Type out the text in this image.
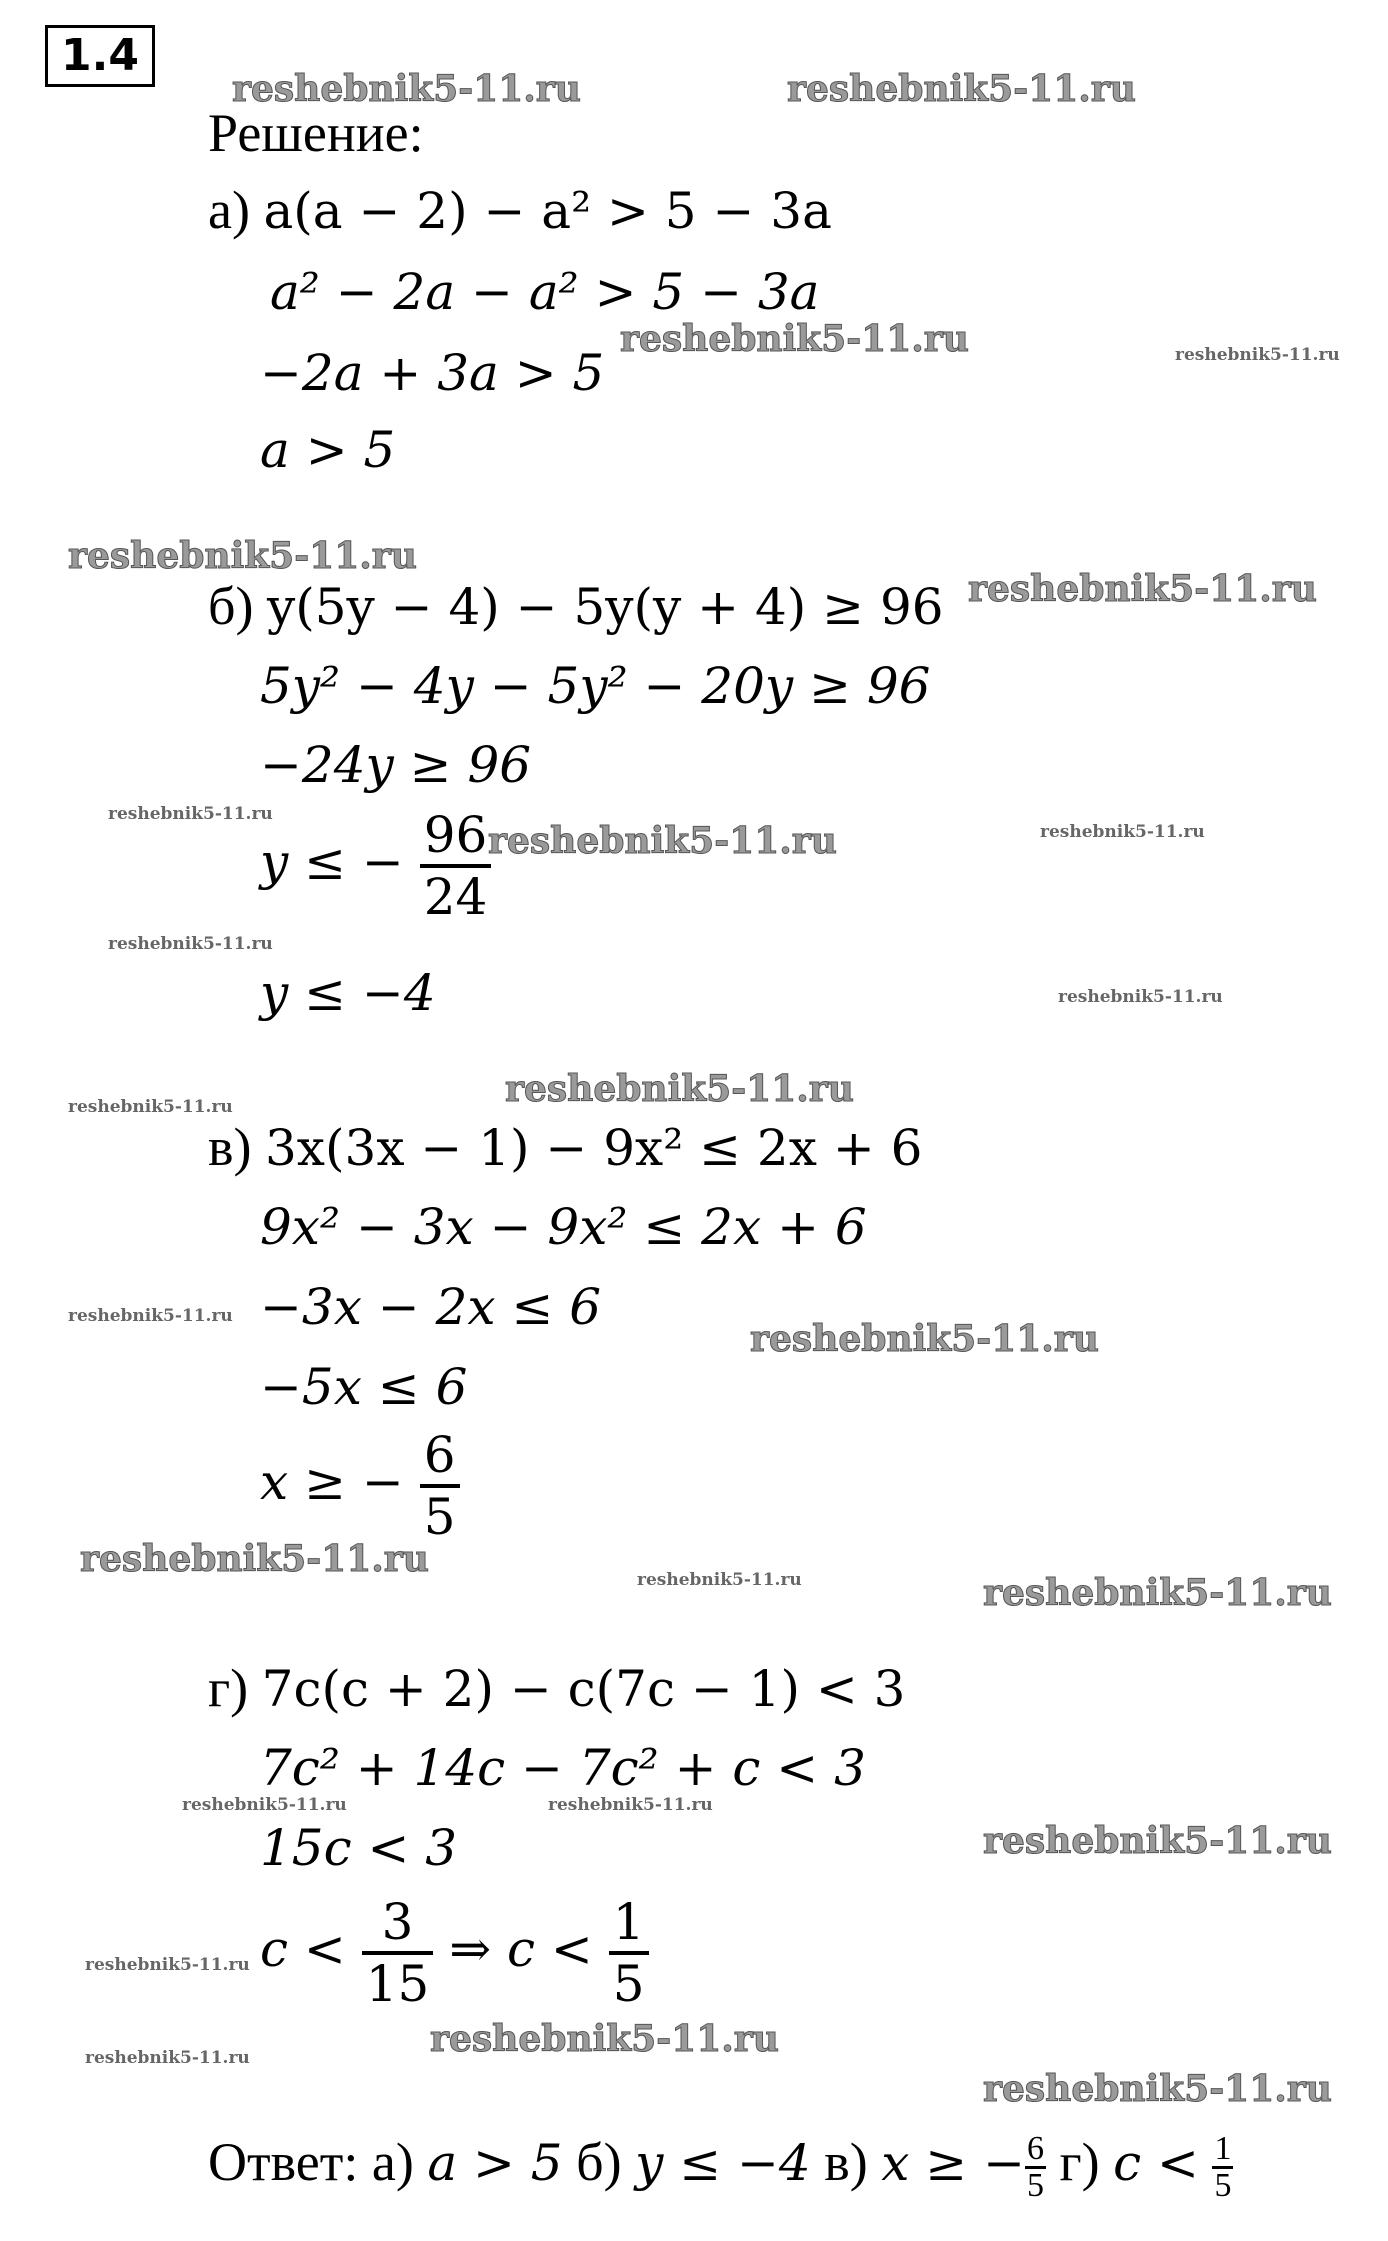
1.4
Решение:
а) a(a − 2) − a² > 5 − 3a
a² − 2a − a² > 5 − 3a
−2a + 3a > 5
a > 5
б) y(5y − 4) − 5y(y + 4) ≥ 96
5y² − 4y − 5y² − 20y ≥ 96
−24y ≥ 96
y ≤ − $\frac{96}{24}$
y ≤ −4
в) 3x(3x − 1) − 9x² ≤ 2x + 6
9x² − 3x − 9x² ≤ 2x + 6
−3x − 2x ≤ 6
−5x ≤ 6
x ≥ − $\frac{6}{5}$
г) 7c(c + 2) − c(7c − 1) < 3
7c² + 14c − 7c² + c < 3
15c < 3
$c < \frac{3}{15}$ ⇒ $c < \frac{1}{5}$
Ответ: а) a > 5 б) y ≤ −4 в) x ≥ − $\frac{6}{5} г$) $c < \frac{1}{5}$
reshebnik5-11.ru	reshebnik5-11.ru
reshebnik5-11.ru	reshebnik5-11.ru
reshebnik5-11.ru
reshebnik5-11.ru
reshebnik5-11.ru
reshebnik5-11.ru	reshebnik5-11.ru
reshebnik5-11.ru
reshebnik5-11.ru
reshebnik5-11.ru
reshebnik5-11.ru
reshebnik5-11.ru
reshebnik5-11.ru
reshebnik5-11.ru	reshebnik5-11.ru	reshebnik5-11.ru
reshebnik5-11.ru	reshebnik5-11.ru
reshebnik5-11.ru
reshebnik5-11.ru
reshebnik5-11.ru	reshebnik5-11.ru
reshebnik5-11.ru
